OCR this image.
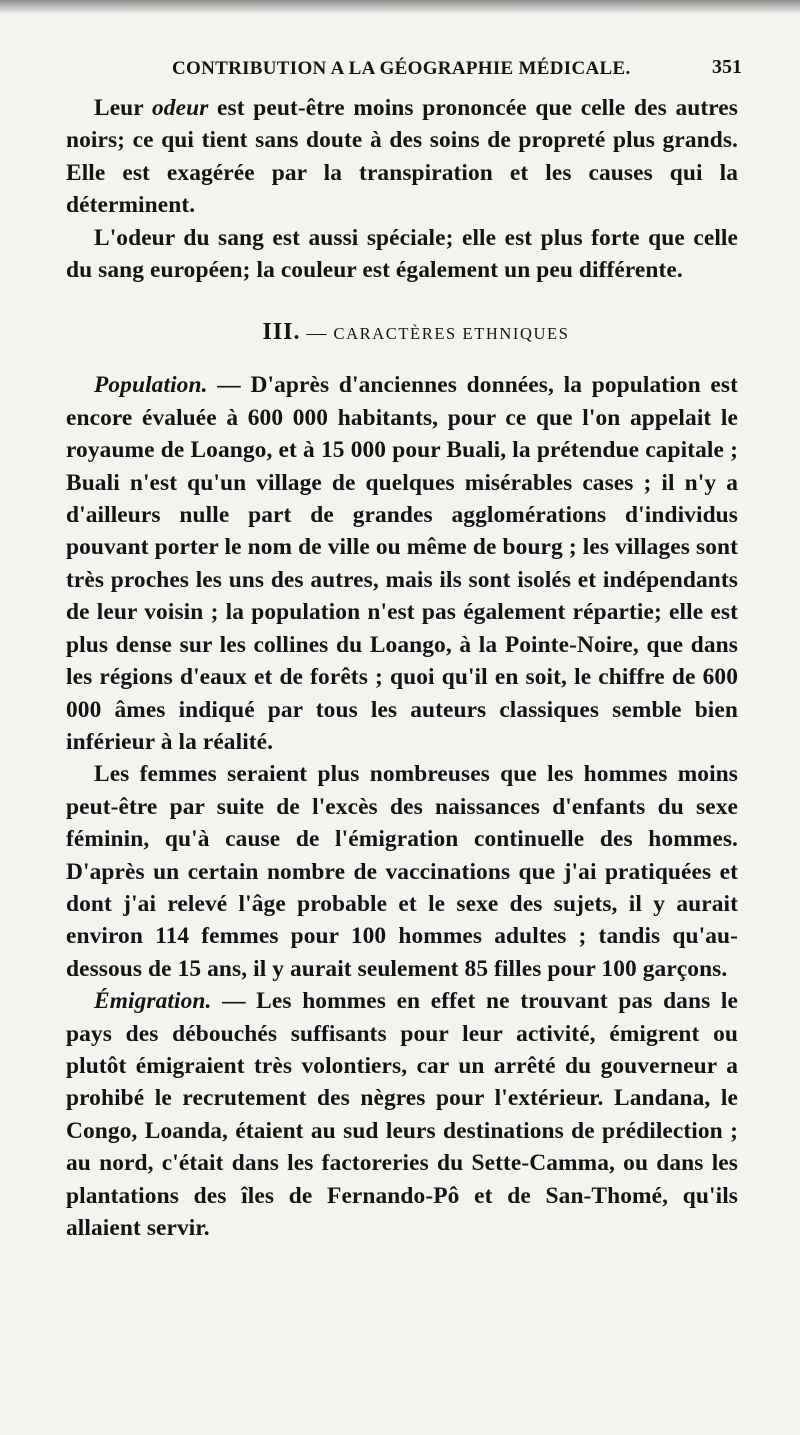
CONTRIBUTION A LA GÉOGRAPHIE MÉDICALE.	351

Leur odeur est peut-être moins prononcée que celle des autres noirs; ce qui tient sans doute à des soins de propreté plus grands. Elle est exagérée par la transpiration et les causes qui la déterminent.

L'odeur du sang est aussi spéciale; elle est plus forte que celle du sang européen; la couleur est également un peu différente.

III. — CARACTÈRES ETHNIQUES

Population. — D'après d'anciennes données, la population est encore évaluée à 600 000 habitants, pour ce que l'on appelait le royaume de Loango, et à 15 000 pour Buali, la prétendue capitale ; Buali n'est qu'un village de quelques misérables cases ; il n'y a d'ailleurs nulle part de grandes agglomérations d'individus pouvant porter le nom de ville ou même de bourg ; les villages sont très proches les uns des autres, mais ils sont isolés et indépendants de leur voisin ; la population n'est pas également répartie; elle est plus dense sur les collines du Loango, à la Pointe-Noire, que dans les régions d'eaux et de forêts ; quoi qu'il en soit, le chiffre de 600 000 âmes indiqué par tous les auteurs classiques semble bien inférieur à la réalité.

Les femmes seraient plus nombreuses que les hommes moins peut-être par suite de l'excès des naissances d'enfants du sexe féminin, qu'à cause de l'émigration continuelle des hommes. D'après un certain nombre de vaccinations que j'ai pratiquées et dont j'ai relevé l'âge probable et le sexe des sujets, il y aurait environ 114 femmes pour 100 hommes adultes ; tandis qu'au-dessous de 15 ans, il y aurait seulement 85 filles pour 100 garçons.

Émigration. — Les hommes en effet ne trouvant pas dans le pays des débouchés suffisants pour leur activité, émigrent ou plutôt émigraient très volontiers, car un arrêté du gouverneur a prohibé le recrutement des nègres pour l'extérieur. Landana, le Congo, Loanda, étaient au sud leurs destinations de prédilection ; au nord, c'était dans les factoreries du Sette-Camma, ou dans les plantations des îles de Fernando-Pô et de San-Thomé, qu'ils allaient servir.
